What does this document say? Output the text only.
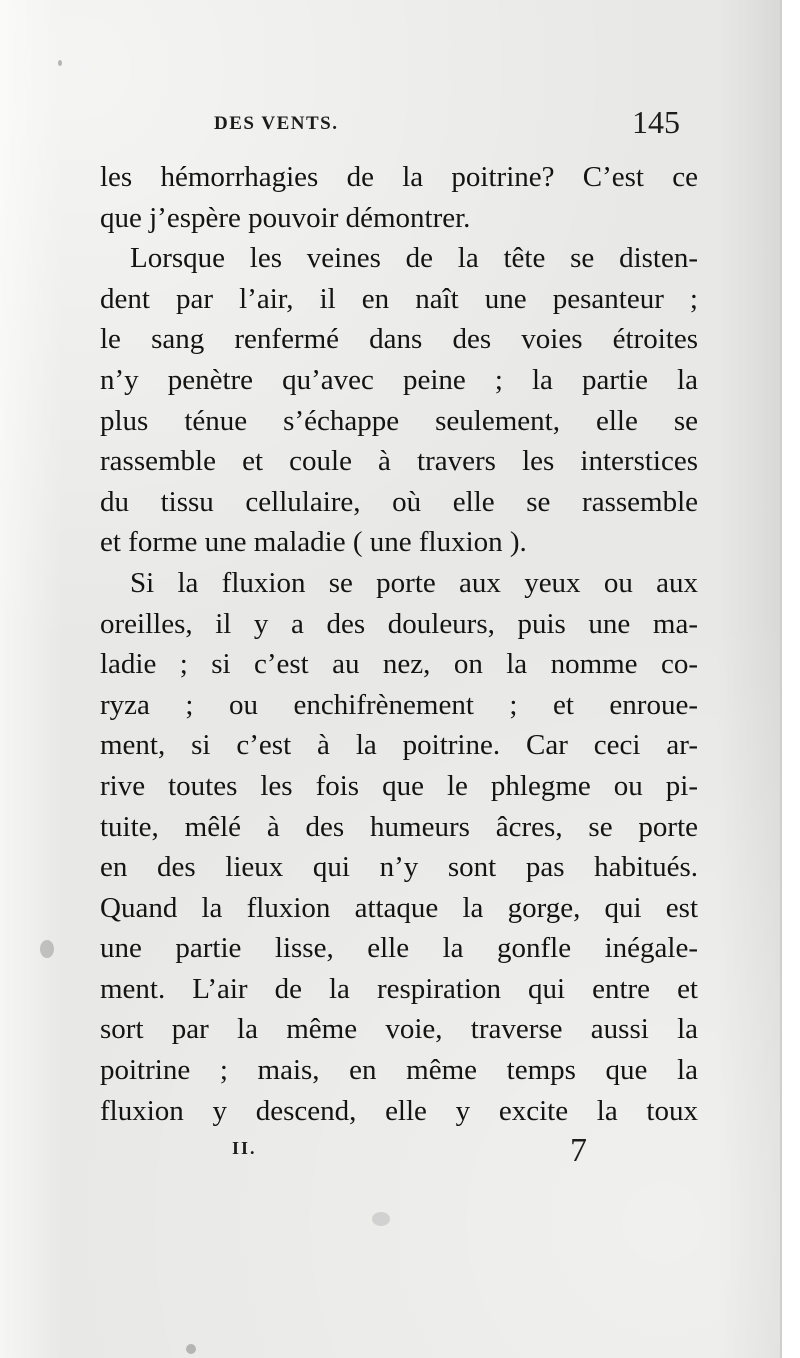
DES VENTS.	145
les hémorrhagies de la poitrine? C’est ce
que j’espère pouvoir démontrer.
Lorsque les veines de la tête se disten-
dent par l’air, il en naît une pesanteur ;
le sang renfermé dans des voies étroites
n’y penètre qu’avec peine ; la partie la
plus ténue s’échappe seulement, elle se
rassemble et coule à travers les interstices
du tissu cellulaire, où elle se rassemble
et forme une maladie ( une fluxion ).
Si la fluxion se porte aux yeux ou aux
oreilles, il y a des douleurs, puis une ma-
ladie ; si c’est au nez, on la nomme co-
ryza ; ou enchifrènement ; et enroue-
ment, si c’est à la poitrine. Car ceci ar-
rive toutes les fois que le phlegme ou pi-
tuite, mêlé à des humeurs âcres, se porte
en des lieux qui n’y sont pas habitués.
Quand la fluxion attaque la gorge, qui est
une partie lisse, elle la gonfle inégale-
ment. L’air de la respiration qui entre et
sort par la même voie, traverse aussi la
poitrine ; mais, en même temps que la
fluxion y descend, elle y excite la toux
II.	7
